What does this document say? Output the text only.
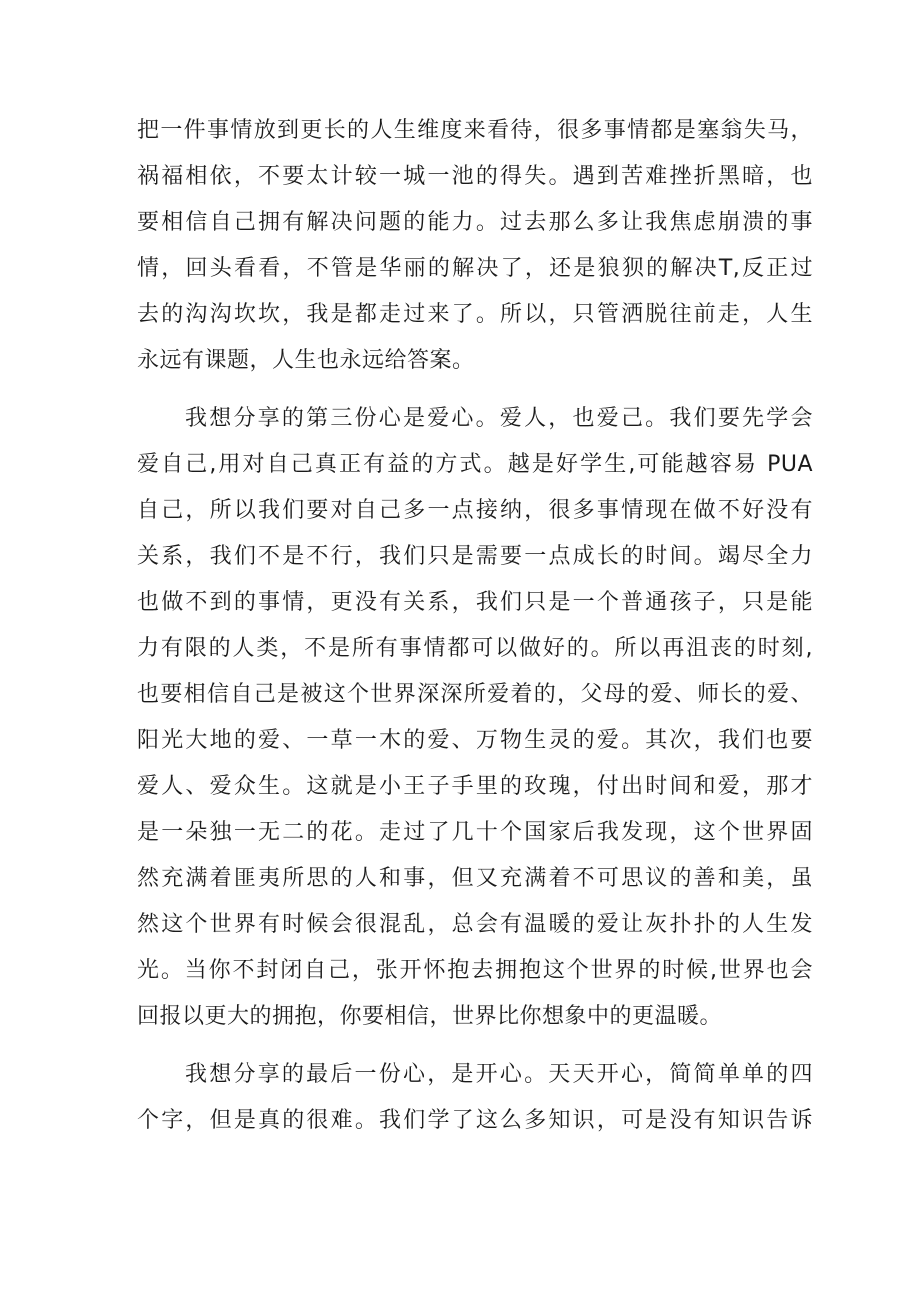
把一件事情放到更长的人生维度来看待，很多事情都是塞翁失马，
祸福相依，不要太计较一城一池的得失。遇到苦难挫折黑暗，也
要相信自己拥有解决问题的能力。过去那么多让我焦虑崩溃的事
情，回头看看，不管是华丽的解决了，还是狼狈的解决T,反正过
去的沟沟坎坎，我是都走过来了。所以，只管洒脱往前走，人生
永远有课题，人生也永远给答案。
我想分享的第三份心是爱心。爱人，也爱己。我们要先学会
爱自己,用对自己真正有益的方式。越是好学生,可能越容易 PUA
自己，所以我们要对自己多一点接纳，很多事情现在做不好没有
关系，我们不是不行，我们只是需要一点成长的时间。竭尽全力
也做不到的事情，更没有关系，我们只是一个普通孩子，只是能
力有限的人类，不是所有事情都可以做好的。所以再沮丧的时刻,
也要相信自己是被这个世界深深所爱着的，父母的爱、师长的爱、
阳光大地的爱、一草一木的爱、万物生灵的爱。其次，我们也要
爱人、爱众生。这就是小王子手里的玫瑰，付出时间和爱，那才
是一朵独一无二的花。走过了几十个国家后我发现，这个世界固
然充满着匪夷所思的人和事，但又充满着不可思议的善和美，虽
然这个世界有时候会很混乱，总会有温暖的爱让灰扑扑的人生发
光。当你不封闭自己，张开怀抱去拥抱这个世界的时候,世界也会
回报以更大的拥抱，你要相信，世界比你想象中的更温暖。
我想分享的最后一份心，是开心。天天开心，简简单单的四
个字，但是真的很难。我们学了这么多知识，可是没有知识告诉
